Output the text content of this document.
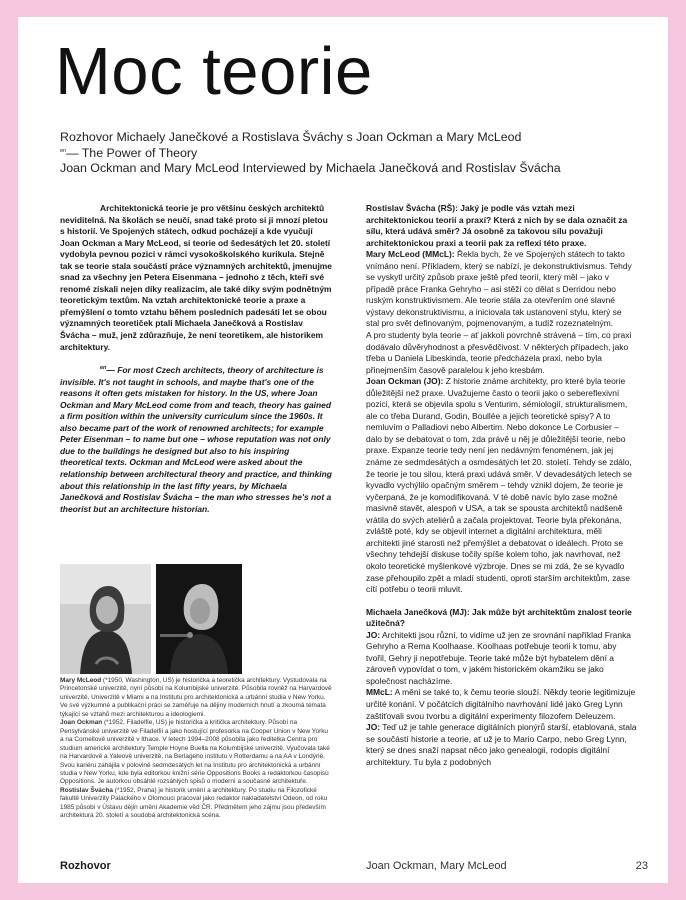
Moc teorie
Rozhovor Michaely Janečkové a Rostislava Šváchy s Joan Ockman a Mary McLeod
$^{en}$— The Power of Theory
Joan Ockman and Mary McLeod Interviewed by Michaela Janečková and Rostislav Švácha

Architektonická teorie je pro většinu českých architektů neviditelná. Na školách se neučí, snad také proto si ji mnozí pletou s historií. Ve Spojených státech, odkud pocházejí a kde vyučují Joan Ockman a Mary McLeod, si teorie od šedesátých let 20. století vydobyla pevnou pozici v rámci vysokoškolského kurikula. Stejně tak se teorie stala součástí práce významných architektů, jmenujme snad za všechny jen Petera Eisenmana – jednoho z těch, kteří své renomé získali nejen díky realizacím, ale také díky svým podnětným teoretickým textům. Na vztah architektonické teorie a praxe a přemýšlení o tomto vztahu během posledních padesáti let se obou významných teoretiček ptali Michaela Janečková a Rostislav Švácha – muž, jenž zdůrazňuje, že není teoretikem, ale historikem architektury.

$^{en}$— For most Czech architects, theory of architecture is invisible. It's not taught in schools, and maybe that's one of the reasons it often gets mistaken for history. In the US, where Joan Ockman and Mary McLeod come from and teach, theory has gained a firm position within the university curriculum since the 1960s. It also became part of the work of renowned architects; for example Peter Eisenman – to name but one – whose reputation was not only due to the buildings he designed but also to his inspiring theoretical texts. Ockman and McLeod were asked about the relationship between architectural theory and practice, and thinking about this relationship in the last fifty years, by Michaela Janečková and Rostislav Švácha – the man who stresses he's not a theorist but an architecture historian.

Mary McLeod (*1950, Washington, US) je historička a teoretička architektury. Vystudovala na Princetonské univerzitě, nyní působí na Kolumbijské univerzitě. Působila rovněž na Harvardově univerzitě, Univerzitě v Miami a na Institutu pro architektonická a urbánní studia v New Yorku. Ve své výzkumné a publikační práci se zaměřuje na dějiny moderních hnutí a zkoumá témata týkající se vztahů mezi architekturou a ideologiemi.

Joan Ockman (*1952, Filadelfie, US) je historička a kritička architektury. Působí na Pensylvánské univerzitě ve Filadelfii a jako hostující profesorka na Cooper Union v New Yorku a na Cornellově univerzitě v Ithace. V letech 1994–2008 působila jako ředitelka Centra pro studium americké architektury Temple Hoyne Buella na Kolumbijské univerzitě. Vyučovala také na Harvardově a Yaleově univerzitě, na Berlageho institutu v Rotterdamu a na AA v Londýně. Svou kariéru zahájila v polovině sedmdesátých let na Institutu pro architektonická a urbánní studia v New Yorku, kde byla editorkou knižní série Oppositions Books a redaktorkou časopisu Oppositions. Je autorkou obsáhlé rozsáhlých spisů o moderní a současné architektuře.

Rostislav Švácha (*1952, Praha) je historik umění a architektury. Po studiu na Filozofické fakultě Univerzity Palackého v Olomouci pracoval jako redaktor nakladatelství Odeon, od roku 1985 působí v Ústavu dějin umění Akademie věd ČR. Předmětem jeho zájmu jsou především architektura 20. století a soudobá architektonická scéna.

Rostislav Švácha (RŠ): Jaký je podle vás vztah mezi architektonickou teorií a praxí? Která z nich by se dala označit za sílu, která udává směr? Já osobně za takovou sílu považuji architektonickou praxi a teorii pak za reflexi této praxe.

Mary McLeod (MMcL): Řekla bych, že ve Spojených státech to takto vnímáno není. Příkladem, který se nabízí, je dekonstruktivismus. Tehdy se vyskytl určitý způsob praxe ještě před teorií, který měl – jako v případě práce Franka Gehryho – asi stěží co dělat s Derridou nebo ruským konstruktivismem. Ale teorie stála za otevřením oné slavné výstavy dekonstruktivismu, a iniciovala tak ustanovení stylu, který se stal pro svět definovaným, pojmenovaným, a tudíž rozeznatelným.

A pro studenty byla teorie – ať jakkoli povrchně strávená – tím, co praxi dodávalo důvěryhodnost a přesvědčivost. V některých případech, jako třeba u Daniela Libeskinda, teorie předcházela praxi, nebo byla přinejmenším časově paralelou k jeho kresbám.

Joan Ockman (JO): Z historie známe architekty, pro které byla teorie důležitější než praxe. Uvažujeme často o teorii jako o sebereflexivní pozici, která se objevila spolu s Venturim, sémiologií, strukturalismem, ale co třeba Durand, Godin, Boullée a jejich teoretické spisy? A to nemluvím o Palladiovi nebo Albertim. Nebo dokonce Le Corbusier – dalo by se debatovat o tom, zda právě u něj je důležitější teorie, nebo praxe. Expanze teorie tedy není jen nedávným fenoménem, jak jej známe ze sedmdesátých a osmdesátých let 20. století. Tehdy se zdálo, že teorie je tou silou, která praxi udává směr. V devadesátých letech se kyvadlo vychýlilo opačným směrem – tehdy vznikl dojem, že teorie je vyčerpaná, že je komodifikovaná. V té době navíc bylo zase možné masivně stavět, alespoň v USA, a tak se spousta architektů nadšeně vrátila do svých ateliérů a začala projektovat. Teorie byla překonána, zvláště poté, kdy se objevil internet a digitální architektura, měli architekti jiné starosti než přemýšlet a debatovat o ideálech. Proto se všechny tehdejší diskuse točily spíše kolem toho, jak navrhovat, než okolo teoretické myšlenkové výzbroje. Dnes se mi zdá, že se kyvadlo zase přehoupilo zpět a mladí studenti, oproti starším architektům, zase cítí potřebu o teorii mluvit.

Michaela Janečková (MJ): Jak může být architektům znalost teorie užitečná?

JO: Architekti jsou různí, to vidíme už jen ze srovnání například Franka Gehryho a Rema Koolhaase. Koolhaas potřebuje teorii k tomu, aby tvořil, Gehry ji nepotřebuje. Teorie také může být hybatelem dění a zároveň vypovídat o tom, v jakém historickém okamžiku se jako společnost nacházíme.

MMcL: A měni se také to, k čemu teorie slouží. Někdy teorie legitimizuje určité konání. V počátcích digitálního navrhování lidé jako Greg Lynn zaštiťovali svou tvorbu a digitální experimenty filozofem Deleuzem.

JO: Teď už je tahle generace digitálních pionýrů starší, etablovaná, stala se součástí historie a teorie, ať už je to Mario Carpo, nebo Greg Lynn, který se dnes snaží napsat něco jako genealogii, rodopis digitální architektury. Tu byla z podobných

Rozhovor	Joan Ockman, Mary McLeod	23
